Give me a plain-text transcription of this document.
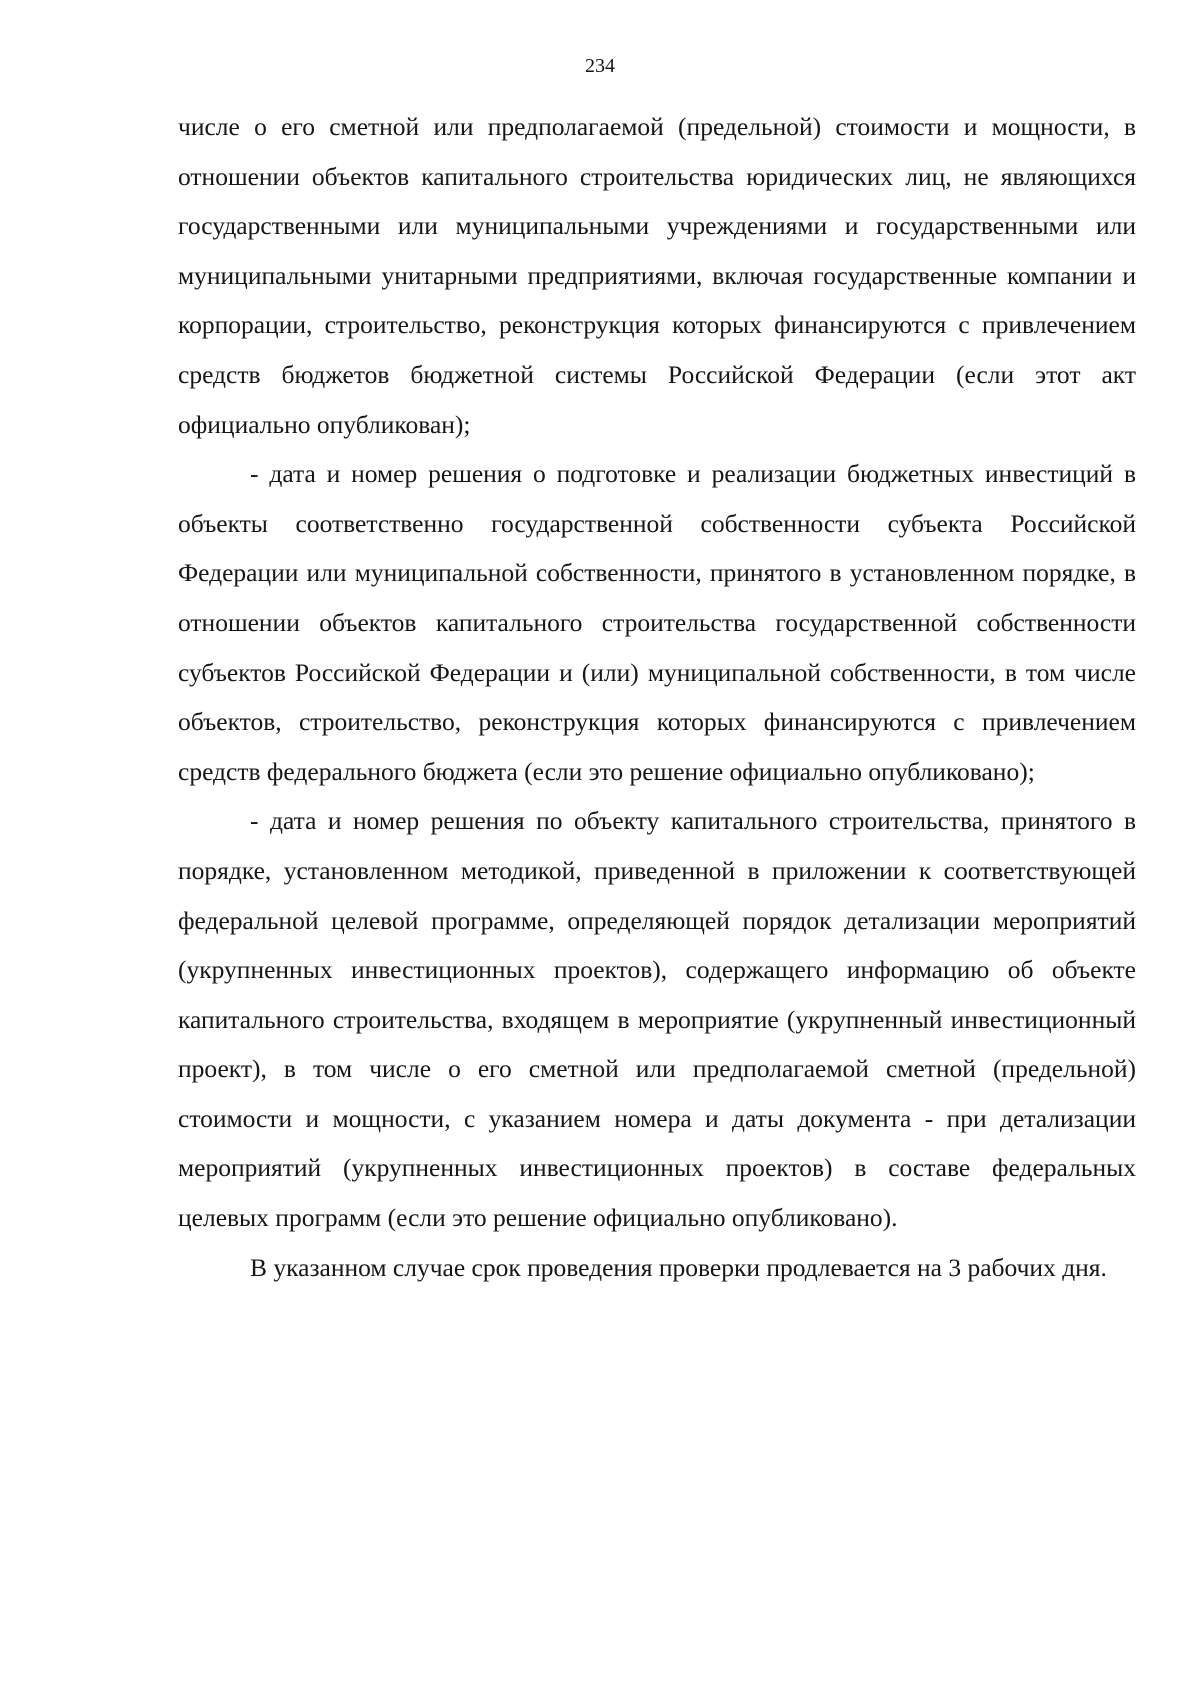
234

числе о его сметной или предполагаемой (предельной) стоимости и мощности, в отношении объектов капитального строительства юридических лиц, не являющихся государственными или муниципальными учреждениями и государственными или муниципальными унитарными предприятиями, включая государственные компании и корпорации, строительство, реконструкция которых финансируются с привлечением средств бюджетов бюджетной системы Российской Федерации (если этот акт официально опубликован);

- дата и номер решения о подготовке и реализации бюджетных инвестиций в объекты соответственно государственной собственности субъекта Российской Федерации или муниципальной собственности, принятого в установленном порядке, в отношении объектов капитального строительства государственной собственности субъектов Российской Федерации и (или) муниципальной собственности, в том числе объектов, строительство, реконструкция которых финансируются с привлечением средств федерального бюджета (если это решение официально опубликовано);

- дата и номер решения по объекту капитального строительства, принятого в порядке, установленном методикой, приведенной в приложении к соответствующей федеральной целевой программе, определяющей порядок детализации мероприятий (укрупненных инвестиционных проектов), содержащего информацию об объекте капитального строительства, входящем в мероприятие (укрупненный инвестиционный проект), в том числе о его сметной или предполагаемой сметной (предельной) стоимости и мощности, с указанием номера и даты документа - при детализации мероприятий (укрупненных инвестиционных проектов) в составе федеральных целевых программ (если это решение официально опубликовано).

В указанном случае срок проведения проверки продлевается на 3 рабочих дня.
